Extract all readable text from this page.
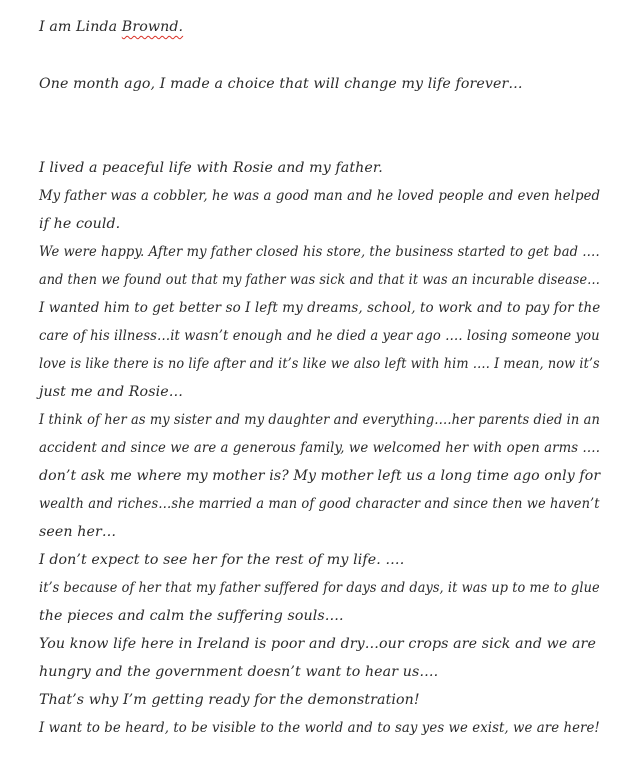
I am Linda Brownd.
One month ago, I made a choice that will change my life forever…
I lived a peaceful life with Rosie and my father.
My father was a cobbler, he was a good man and he loved people and even helped
if he could.
We were happy. After my father closed his store, the business started to get bad ….
and then we found out that my father was sick and that it was an incurable disease…
I wanted him to get better so I left my dreams, school, to work and to pay for the
care of his illness…it wasn’t enough and he died a year ago …. losing someone you
love is like there is no life after and it’s like we also left with him …. I mean, now it’s
just me and Rosie…
I think of her as my sister and my daughter and everything….her parents died in an
accident and since we are a generous family, we welcomed her with open arms ….
don’t ask me where my mother is? My mother left us a long time ago only for
wealth and riches…she married a man of good character and since then we haven’t
seen her…
I don’t expect to see her for the rest of my life. ….
it’s because of her that my father suffered for days and days, it was up to me to glue
the pieces and calm the suffering souls….
You know life here in Ireland is poor and dry…our crops are sick and we are
hungry and the government doesn’t want to hear us….
That’s why I’m getting ready for the demonstration!
I want to be heard, to be visible to the world and to say yes we exist, we are here!
